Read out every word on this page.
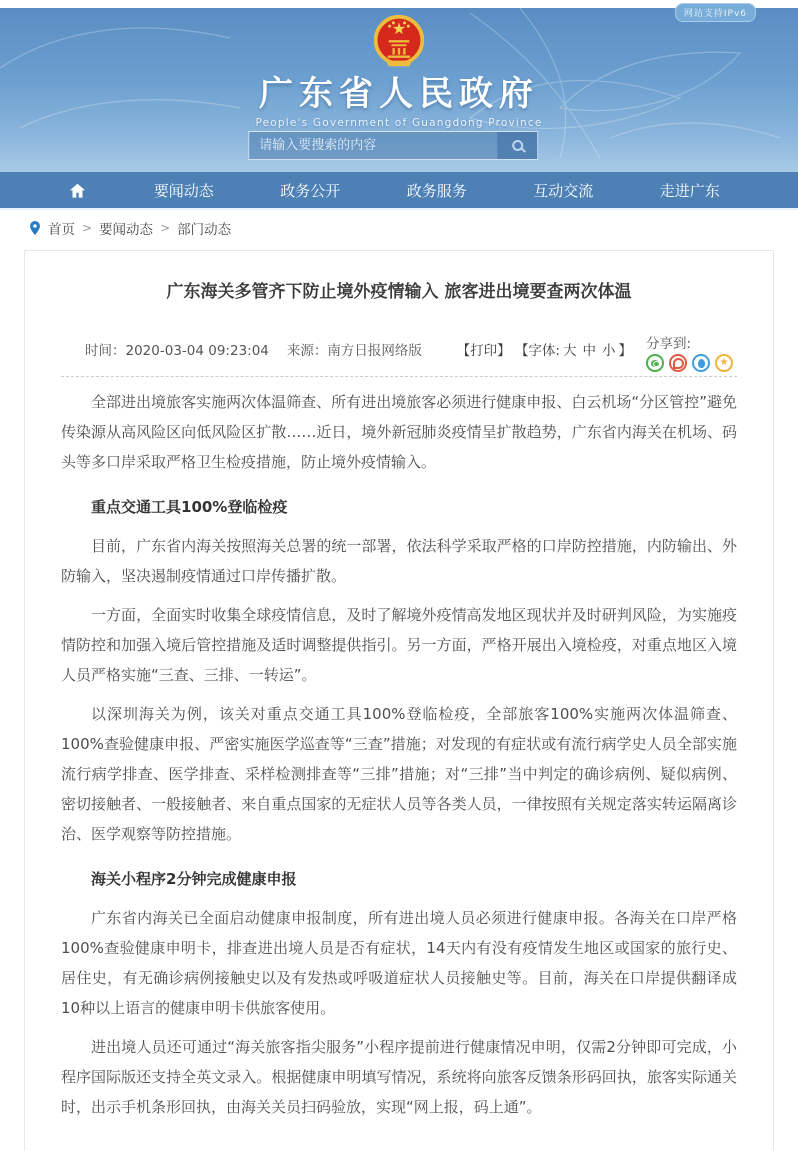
网站支持IPv6
广东省人民政府
People's Government of Guangdong Province
请输入要搜索的内容
要闻动态	政务公开	政务服务	互动交流	走进广东
首页 > 要闻动态 > 部门动态
广东海关多管齐下防止境外疫情输入 旅客进出境要查两次体温
时间：2020-03-04 09:23:04 来源：南方日报网络版	【打印】 【字体: 大 中 小 】 分享到:
★

全部进出境旅客实施两次体温筛查、所有进出境旅客必须进行健康申报、白云机场“分区管控”避免传染源从高风险区向低风险区扩散……近日，境外新冠肺炎疫情呈扩散趋势，广东省内海关在机场、码头等多口岸采取严格卫生检疫措施，防止境外疫情输入。

重点交通工具100%登临检疫

目前，广东省内海关按照海关总署的统一部署，依法科学采取严格的口岸防控措施，内防输出、外防输入，坚决遏制疫情通过口岸传播扩散。

一方面，全面实时收集全球疫情信息，及时了解境外疫情高发地区现状并及时研判风险，为实施疫情防控和加强入境后管控措施及适时调整提供指引。另一方面，严格开展出入境检疫，对重点地区入境人员严格实施“三查、三排、一转运”。

以深圳海关为例，该关对重点交通工具100%登临检疫，全部旅客100%实施两次体温筛查、100%查验健康申报、严密实施医学巡查等“三查”措施；对发现的有症状或有流行病学史人员全部实施流行病学排查、医学排查、采样检测排查等“三排”措施；对“三排”当中判定的确诊病例、疑似病例、密切接触者、一般接触者、来自重点国家的无症状人员等各类人员，一律按照有关规定落实转运隔离诊治、医学观察等防控措施。

海关小程序2分钟完成健康申报

广东省内海关已全面启动健康申报制度，所有进出境人员必须进行健康申报。各海关在口岸严格100%查验健康申明卡，排查进出境人员是否有症状，14天内有没有疫情发生地区或国家的旅行史、居住史，有无确诊病例接触史以及有发热或呼吸道症状人员接触史等。目前，海关在口岸提供翻译成10种以上语言的健康申明卡供旅客使用。

进出境人员还可通过“海关旅客指尖服务”小程序提前进行健康情况申明，仅需2分钟即可完成，小程序国际版还支持全英文录入。根据健康申明填写情况，系统将向旅客反馈条形码回执，旅客实际通关时，出示手机条形回执，由海关关员扫码验放，实现“网上报，码上通”。
